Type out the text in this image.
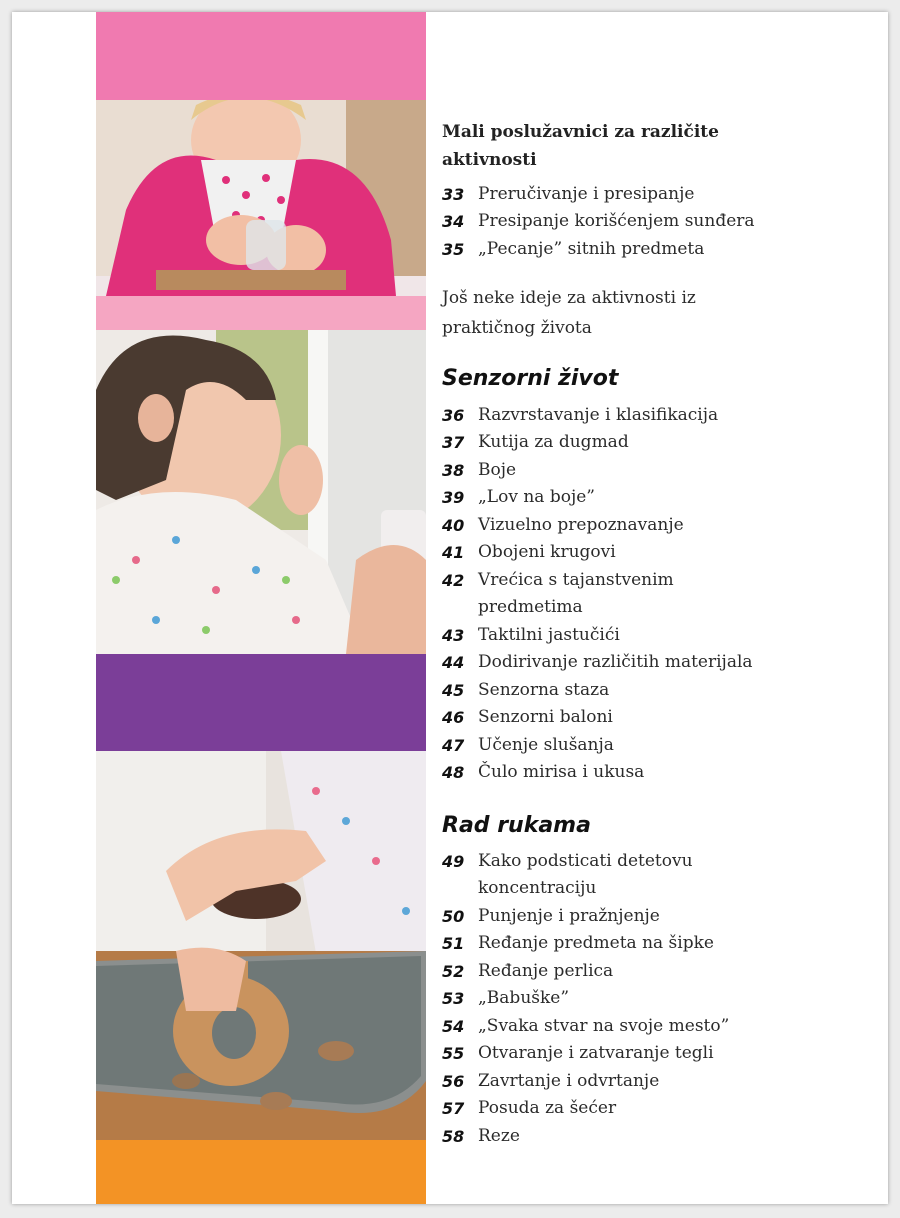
Mali poslužavnici za različite aktivnosti
33 Preručivanje i presipanje
34 Presipanje korišćenjem sunđera
35 „Pecanje” sitnih predmeta
Još neke ideje za aktivnosti iz praktičnog života
Senzorni život
36 Razvrstavanje i klasifikacija
37 Kutija za dugmad
38 Boje
39 „Lov na boje”
40 Vizuelno prepoznavanje
41 Obojeni krugovi
42 Vrećica s tajanstvenim predmetima
43 Taktilni jastučići
44 Dodirivanje različitih materijala
45 Senzorna staza
46 Senzorni baloni
47 Učenje slušanja
48 Čulo mirisa i ukusa
Rad rukama
49 Kako podsticati detetovu koncentraciju
50 Punjenje i pražnjenje
51 Ređanje predmeta na šipke
52 Ređanje perlica
53 „Babuške”
54 „Svaka stvar na svoje mesto”
55 Otvaranje i zatvaranje tegli
56 Zavrtanje i odvrtanje
57 Posuda za šećer
58 Reze
